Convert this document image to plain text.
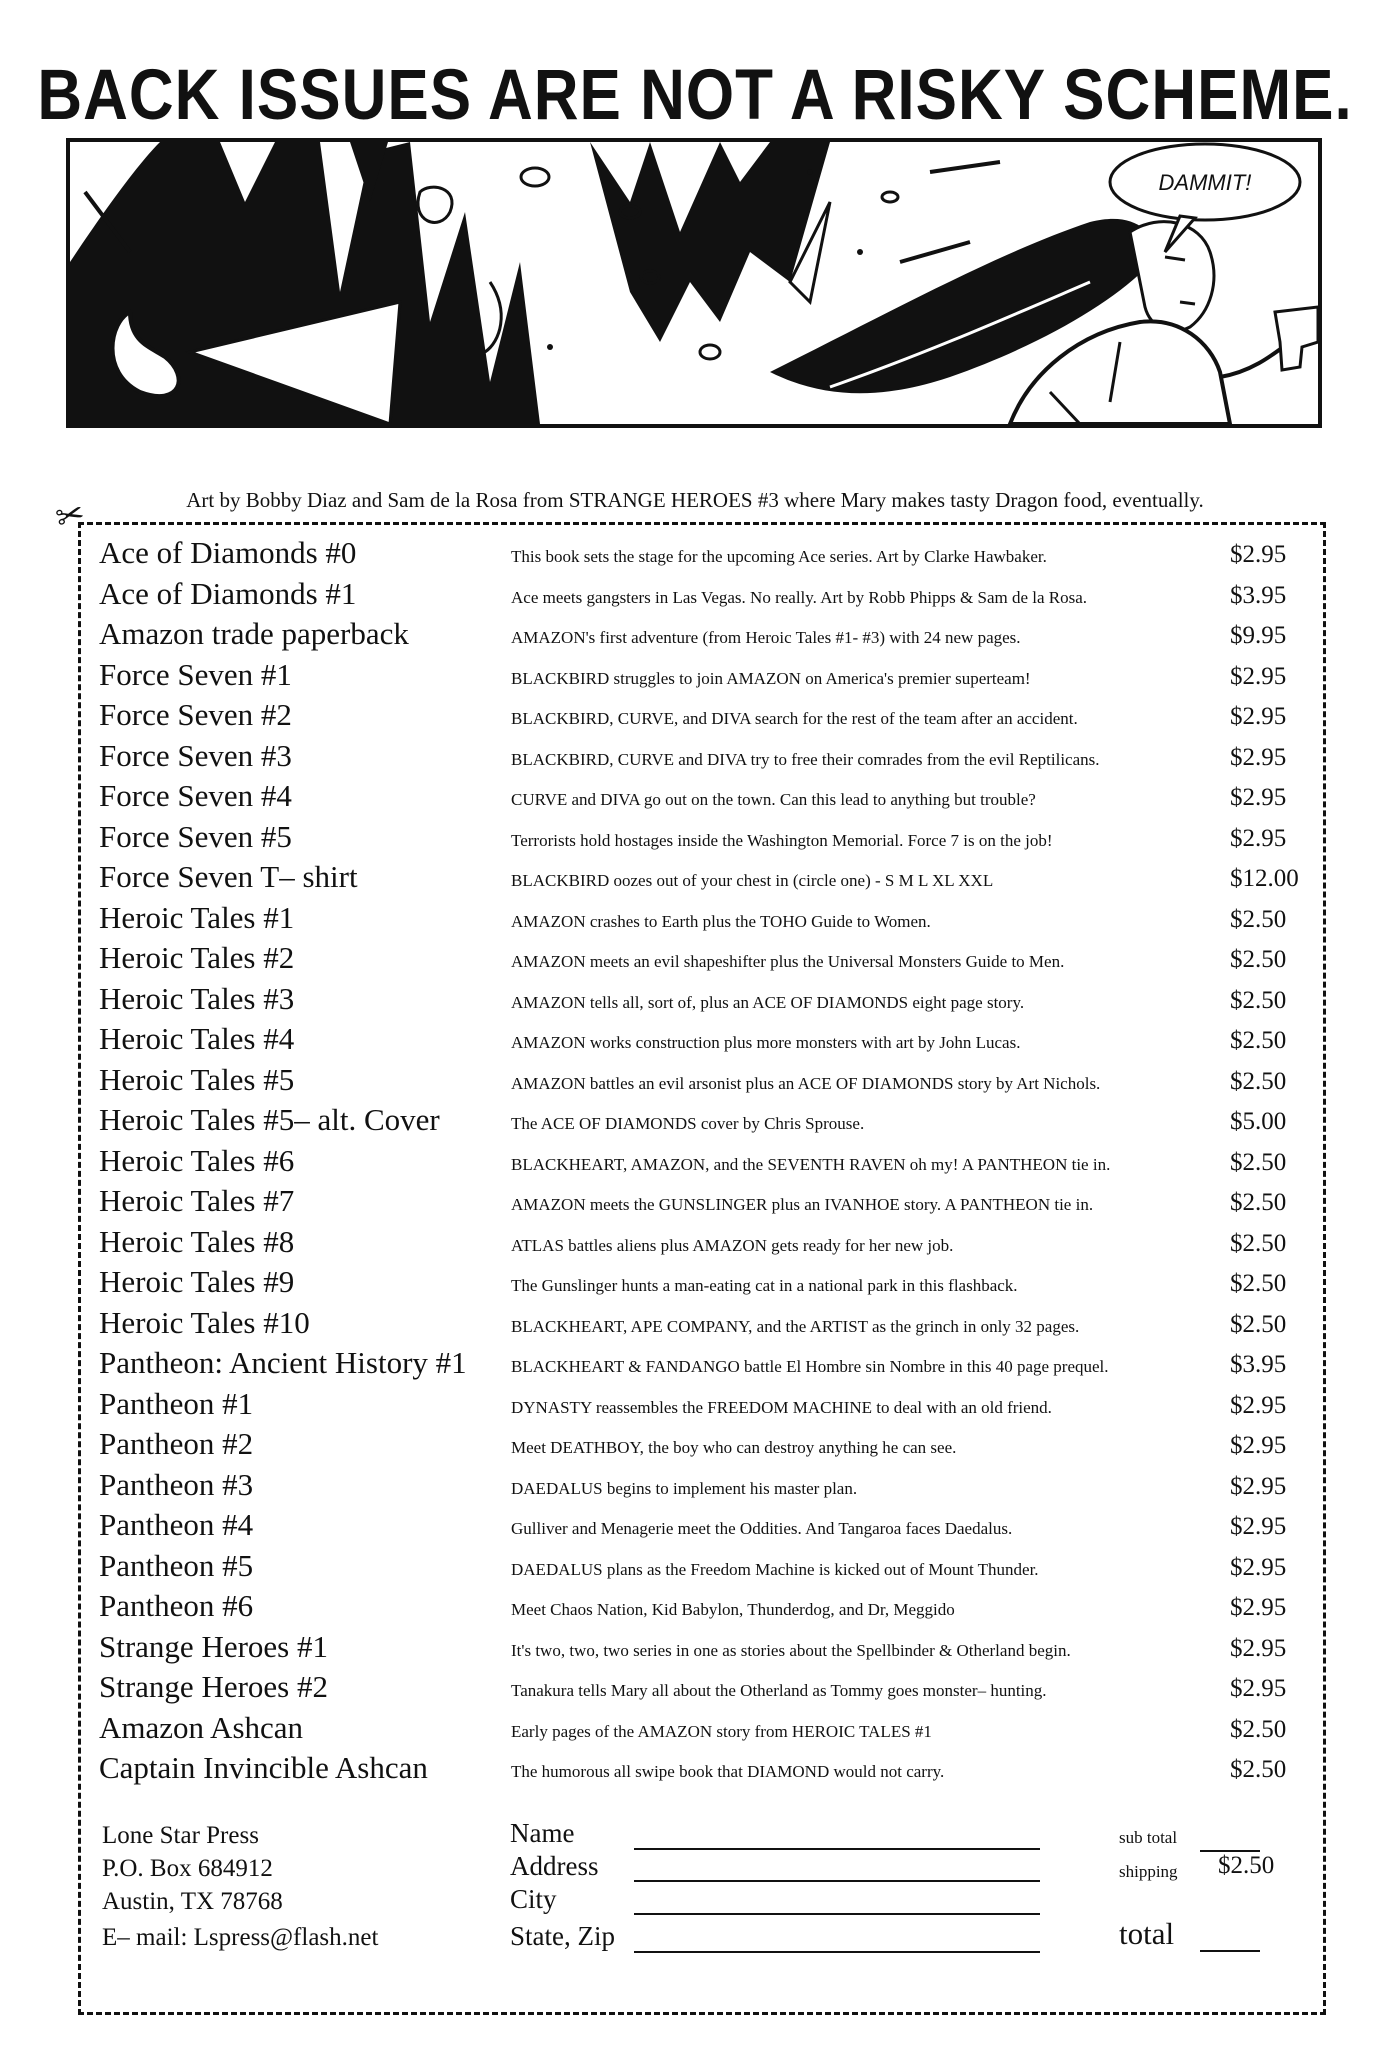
BACK ISSUES ARE NOT A RISKY SCHEME.
DAMMIT!
Art by Bobby Diaz and Sam de la Rosa from STRANGE HEROES #3 where Mary makes tasty Dragon food, eventually.
✂
Ace of Diamonds #0	This book sets the stage for the upcoming Ace series. Art by Clarke Hawbaker.	$2.95
Ace of Diamonds #1	Ace meets gangsters in Las Vegas. No really. Art by Robb Phipps & Sam de la Rosa.	$3.95
Amazon trade paperback	AMAZON's first adventure (from Heroic Tales #1- #3) with 24 new pages.	$9.95
Force Seven #1	BLACKBIRD struggles to join AMAZON on America's premier superteam!	$2.95
Force Seven #2	BLACKBIRD, CURVE, and DIVA search for the rest of the team after an accident.	$2.95
Force Seven #3	BLACKBIRD, CURVE and DIVA try to free their comrades from the evil Reptilicans.	$2.95
Force Seven #4	CURVE and DIVA go out on the town. Can this lead to anything but trouble?	$2.95
Force Seven #5	Terrorists hold hostages inside the Washington Memorial. Force 7 is on the job!	$2.95
Force Seven T– shirt	BLACKBIRD oozes out of your chest in (circle one) - S M L XL XXL	$12.00
Heroic Tales #1	AMAZON crashes to Earth plus the TOHO Guide to Women.	$2.50
Heroic Tales #2	AMAZON meets an evil shapeshifter plus the Universal Monsters Guide to Men.	$2.50
Heroic Tales #3	AMAZON tells all, sort of, plus an ACE OF DIAMONDS eight page story.	$2.50
Heroic Tales #4	AMAZON works construction plus more monsters with art by John Lucas.	$2.50
Heroic Tales #5	AMAZON battles an evil arsonist plus an ACE OF DIAMONDS story by Art Nichols.	$2.50
Heroic Tales #5– alt. Cover	The ACE OF DIAMONDS cover by Chris Sprouse.	$5.00
Heroic Tales #6	BLACKHEART, AMAZON, and the SEVENTH RAVEN oh my! A PANTHEON tie in.	$2.50
Heroic Tales #7	AMAZON meets the GUNSLINGER plus an IVANHOE story. A PANTHEON tie in.	$2.50
Heroic Tales #8	ATLAS battles aliens plus AMAZON gets ready for her new job.	$2.50
Heroic Tales #9	The Gunslinger hunts a man-eating cat in a national park in this flashback.	$2.50
Heroic Tales #10	BLACKHEART, APE COMPANY, and the ARTIST as the grinch in only 32 pages.	$2.50
Pantheon: Ancient History #1	BLACKHEART & FANDANGO battle El Hombre sin Nombre in this 40 page prequel.	$3.95
Pantheon #1	DYNASTY reassembles the FREEDOM MACHINE to deal with an old friend.	$2.95
Pantheon #2	Meet DEATHBOY, the boy who can destroy anything he can see.	$2.95
Pantheon #3	DAEDALUS begins to implement his master plan.	$2.95
Pantheon #4	Gulliver and Menagerie meet the Oddities. And Tangaroa faces Daedalus.	$2.95
Pantheon #5	DAEDALUS plans as the Freedom Machine is kicked out of Mount Thunder.	$2.95
Pantheon #6	Meet Chaos Nation, Kid Babylon, Thunderdog, and Dr, Meggido	$2.95
Strange Heroes #1	It's two, two, two series in one as stories about the Spellbinder & Otherland begin.	$2.95
Strange Heroes #2	Tanakura tells Mary all about the Otherland as Tommy goes monster– hunting.	$2.95
Amazon Ashcan	Early pages of the AMAZON story from HEROIC TALES #1	$2.50
Captain Invincible Ashcan	The humorous all swipe book that DIAMOND would not carry.	$2.50
Lone Star Press
P.O. Box 684912
Austin, TX 78768
E– mail: Lspress@flash.net
Name
Address
City
State, Zip
sub total
shipping $2.50
total
